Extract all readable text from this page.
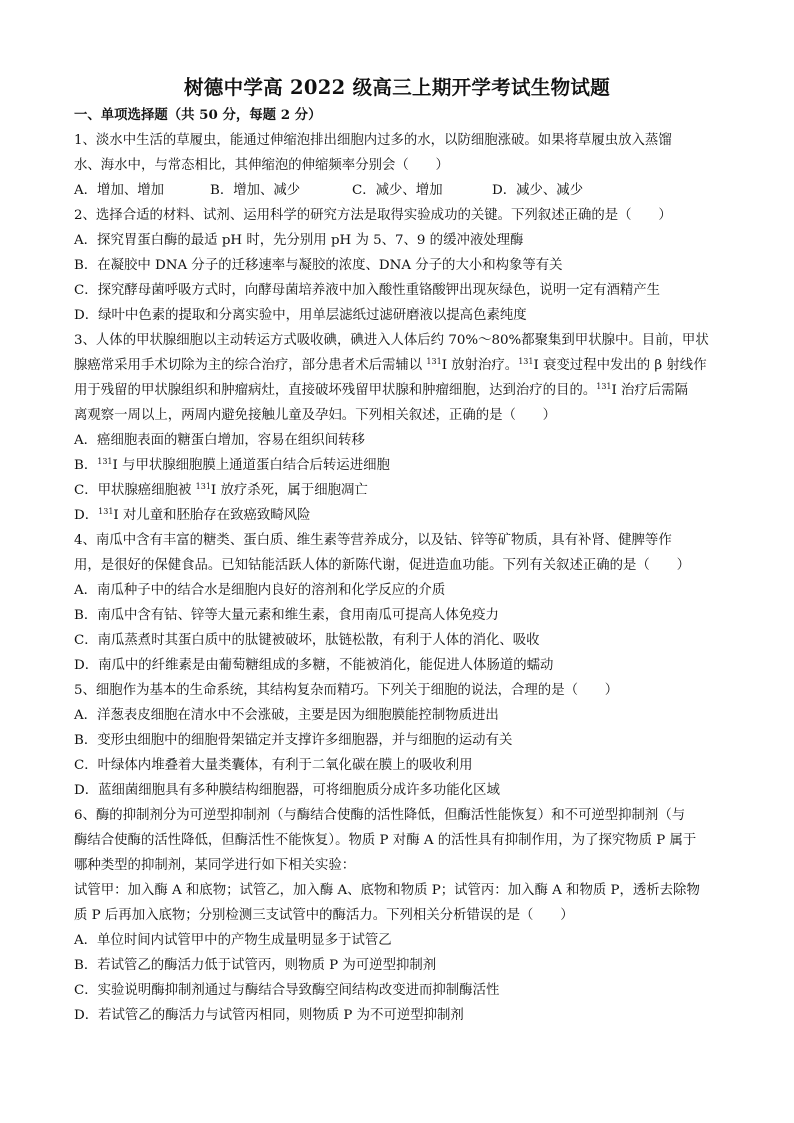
树德中学高 2022 级高三上期开学考试生物试题
一、单项选择题（共 50 分，每题 2 分）
1、淡水中生活的草履虫，能通过伸缩泡排出细胞内过多的水，以防细胞涨破。如果将草履虫放入蒸馏
水、海水中，与常态相比，其伸缩泡的伸缩频率分别会（　　）
A．增加、增加	B．增加、减少	C．减少、增加	D．减少、减少
2、选择合适的材料、试剂、运用科学的研究方法是取得实验成功的关键。下列叙述正确的是（　　）
A．探究胃蛋白酶的最适 pH 时，先分别用 pH 为 5、7、9 的缓冲液处理酶
B．在凝胶中 DNA 分子的迁移速率与凝胶的浓度、DNA 分子的大小和构象等有关
C．探究酵母菌呼吸方式时，向酵母菌培养液中加入酸性重铬酸钾出现灰绿色，说明一定有酒精产生
D．绿叶中色素的提取和分离实验中，用单层滤纸过滤研磨液以提高色素纯度
3、人体的甲状腺细胞以主动转运方式吸收碘，碘进入人体后约 70%～80%都聚集到甲状腺中。目前，甲状
腺癌常采用手术切除为主的综合治疗，部分患者术后需辅以 $^{131}$I 放射治疗。$^{131}$I 衰变过程中发出的 β 射线作
用于残留的甲状腺组织和肿瘤病灶，直接破坏残留甲状腺和肿瘤细胞，达到治疗的目的。$^{131}$I 治疗后需隔
离观察一周以上，两周内避免接触儿童及孕妇。下列相关叙述，正确的是（　　）
A．癌细胞表面的糖蛋白增加，容易在组织间转移
B．$^{131}$I 与甲状腺细胞膜上通道蛋白结合后转运进细胞
C．甲状腺癌细胞被 $^{131}$I 放疗杀死，属于细胞凋亡
D．$^{131}$I 对儿童和胚胎存在致癌致畸风险
4、南瓜中含有丰富的糖类、蛋白质、维生素等营养成分，以及钴、锌等矿物质，具有补肾、健脾等作
用，是很好的保健食品。已知钴能活跃人体的新陈代谢，促进造血功能。下列有关叙述正确的是（　　）
A．南瓜种子中的结合水是细胞内良好的溶剂和化学反应的介质
B．南瓜中含有钴、锌等大量元素和维生素，食用南瓜可提高人体免疫力
C．南瓜蒸煮时其蛋白质中的肽键被破坏，肽链松散，有利于人体的消化、吸收
D．南瓜中的纤维素是由葡萄糖组成的多糖，不能被消化，能促进人体肠道的蠕动
5、细胞作为基本的生命系统，其结构复杂而精巧。下列关于细胞的说法，合理的是（　　）
A．洋葱表皮细胞在清水中不会涨破，主要是因为细胞膜能控制物质进出
B．变形虫细胞中的细胞骨架锚定并支撑许多细胞器，并与细胞的运动有关
C．叶绿体内堆叠着大量类囊体，有利于二氧化碳在膜上的吸收利用
D．蓝细菌细胞具有多种膜结构细胞器，可将细胞质分成许多功能化区域
6、酶的抑制剂分为可逆型抑制剂（与酶结合使酶的活性降低，但酶活性能恢复）和不可逆型抑制剂（与
酶结合使酶的活性降低，但酶活性不能恢复）。物质 P 对酶 A 的活性具有抑制作用，为了探究物质 P 属于
哪种类型的抑制剂，某同学进行如下相关实验：
试管甲：加入酶 A 和底物；试管乙，加入酶 A、底物和物质 P；试管丙：加入酶 A 和物质 P，透析去除物
质 P 后再加入底物；分别检测三支试管中的酶活力。下列相关分析错误的是（　　）
A．单位时间内试管甲中的产物生成量明显多于试管乙
B．若试管乙的酶活力低于试管丙，则物质 P 为可逆型抑制剂
C．实验说明酶抑制剂通过与酶结合导致酶空间结构改变进而抑制酶活性
D．若试管乙的酶活力与试管丙相同，则物质 P 为不可逆型抑制剂
